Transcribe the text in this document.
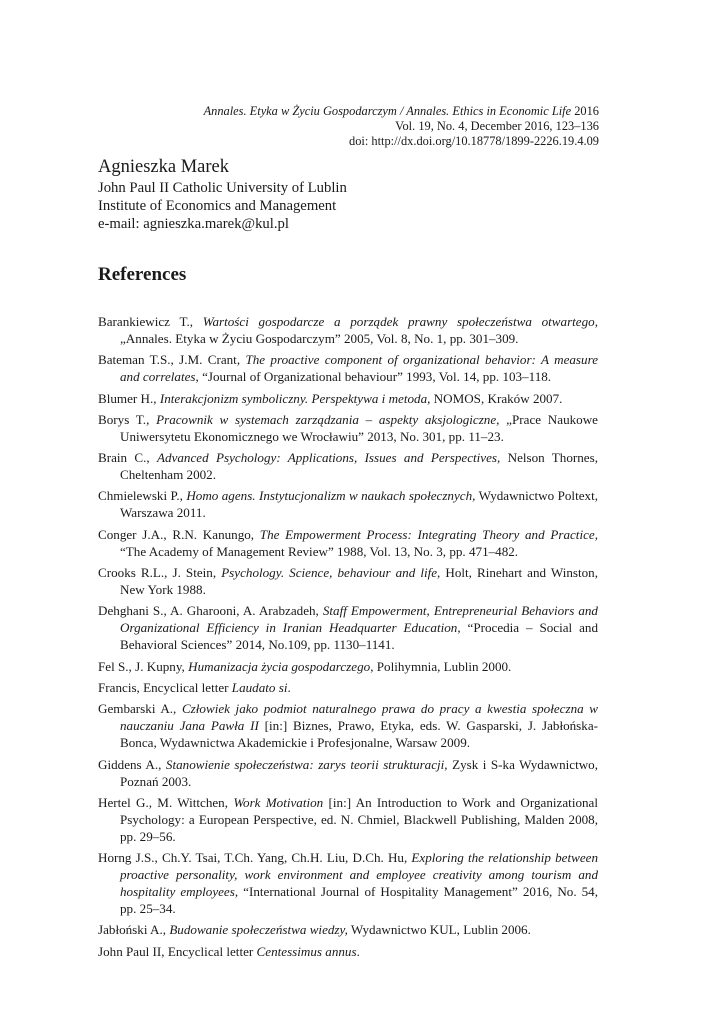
Annales. Etyka w Życiu Gospodarczym / Annales. Ethics in Economic Life 2016
Vol. 19, No. 4, December 2016, 123–136
doi: http://dx.doi.org/10.18778/1899-2226.19.4.09
Agnieszka Marek
John Paul II Catholic University of Lublin
Institute of Economics and Management
e-mail: agnieszka.marek@kul.pl
References

Barankiewicz T., Wartości gospodarcze a porządek prawny społeczeństwa otwartego, „Annales. Etyka w Życiu Gospodarczym” 2005, Vol. 8, No. 1, pp. 301–309.

Bateman T.S., J.M. Crant, The proactive component of organizational behavior: A measure and correlates, “Journal of Organizational behaviour” 1993, Vol. 14, pp. 103–118.

Blumer H., Interakcjonizm symboliczny. Perspektywa i metoda, NOMOS, Kraków 2007.

Borys T., Pracownik w systemach zarządzania – aspekty aksjologiczne, „Prace Naukowe Uniwersytetu Ekonomicznego we Wrocławiu” 2013, No. 301, pp. 11–23.

Brain C., Advanced Psychology: Applications, Issues and Perspectives, Nelson Thornes, Cheltenham 2002.

Chmielewski P., Homo agens. Instytucjonalizm w naukach społecznych, Wydawnictwo Poltext, Warszawa 2011.

Conger J.A., R.N. Kanungo, The Empowerment Process: Integrating Theory and Practice, “The Academy of Management Review” 1988, Vol. 13, No. 3, pp. 471–482.

Crooks R.L., J. Stein, Psychology. Science, behaviour and life, Holt, Rinehart and Winston, New York 1988.

Dehghani S., A. Gharooni, A. Arabzadeh, Staff Empowerment, Entrepreneurial Behaviors and Organizational Efficiency in Iranian Headquarter Education, “Procedia – Social and Behavioral Sciences” 2014, No.109, pp. 1130–1141.

Fel S., J. Kupny, Humanizacja życia gospodarczego, Polihymnia, Lublin 2000.

Francis, Encyclical letter Laudato si.

Gembarski A., Człowiek jako podmiot naturalnego prawa do pracy a kwestia społeczna w nauczaniu Jana Pawła II [in:] Biznes, Prawo, Etyka, eds. W. Gasparski, J. Jabłońska-Bonca, Wydawnictwa Akademickie i Profesjonalne, Warsaw 2009.

Giddens A., Stanowienie społeczeństwa: zarys teorii strukturacji, Zysk i S-ka Wydawnictwo, Poznań 2003.

Hertel G., M. Wittchen, Work Motivation [in:] An Introduction to Work and Organizational Psychology: a European Perspective, ed. N. Chmiel, Blackwell Publishing, Malden 2008, pp. 29–56.

Horng J.S., Ch.Y. Tsai, T.Ch. Yang, Ch.H. Liu, D.Ch. Hu, Exploring the relationship between proactive personality, work environment and employee creativity among tourism and hospitality employees, “International Journal of Hospitality Management” 2016, No. 54, pp. 25–34.

Jabłoński A., Budowanie społeczeństwa wiedzy, Wydawnictwo KUL, Lublin 2006.

John Paul II, Encyclical letter Centessimus annus.
